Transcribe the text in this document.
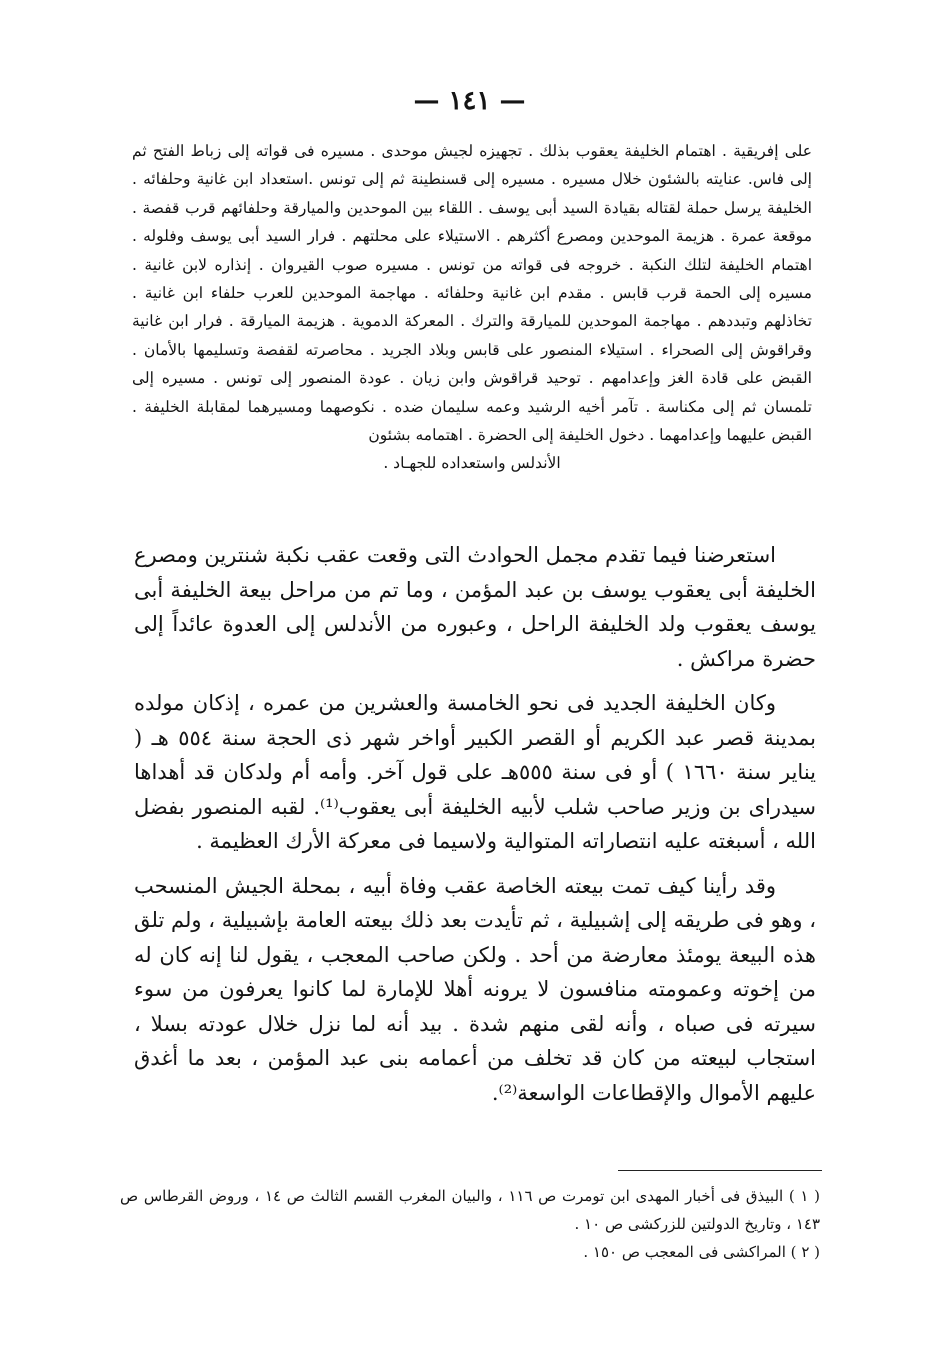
— ١٤١ —

على إفريقية . اهتمام الخليفة يعقوب بذلك . تجهيزه لجيش موحدى . مسيره فى قواته إلى زباط الفتح ثم إلى فاس. عنايته بالشئون خلال مسيره . مسيره إلى قسنطينة ثم إلى تونس .استعداد ابن غانية وحلفائه . الخليفة يرسل حملة لقتاله بقيادة السيد أبى يوسف . اللقاء بين الموحدين والميارقة وحلفائهم قرب قفصة . موقعة عمرة . هزيمة الموحدين ومصرع أكثرهم . الاستيلاء على محلتهم . فرار السيد أبى يوسف وفلوله . اهتمام الخليفة لتلك النكبة . خروجه فى قواته من تونس . مسيره صوب القيروان . إنذاره لابن غانية . مسيره إلى الحمة قرب قابس . مقدم ابن غانية وحلفائه . مهاجمة الموحدين للعرب حلفاء ابن غانية . تخاذلهم وتبددهم . مهاجمة الموحدين للميارقة والترك . المعركة الدموية . هزيمة الميارقة . فرار ابن غانية وقراقوش إلى الصحراء . استيلاء المنصور على قابس وبلاد الجريد . محاصرته لقفصة وتسليمها بالأمان . القبض على قادة الغز وإعدامهم . توحيد قراقوش وابن زيان . عودة المنصور إلى تونس . مسيره إلى تلمسان ثم إلى مكناسة . تآمر أخيه الرشيد وعمه سليمان ضده . نكوصهما ومسيرهما لمقابلة الخليفة . القبض عليهما وإعدامهما . دخول الخليفة إلى الحضرة . اهتمامه بشئون

الأندلس واستعداده للجهـاد .

استعرضنا فيما تقدم مجمل الحوادث التى وقعت عقب نكبة شنترين ومصرع الخليفة أبى يعقوب يوسف بن عبد المؤمن ، وما تم من مراحل بيعة الخليفة أبى يوسف يعقوب ولد الخليفة الراحل ، وعبوره من الأندلس إلى العدوة عائداً إلى حضرة مراكش .

وكان الخليفة الجديد فى نحو الخامسة والعشرين من عمره ، إذكان مولده بمدينة قصر عبد الكريم أو القصر الكبير أواخر شهر ذى الحجة سنة ٥٥٤ هـ ( يناير سنة ١٦٦٠ ) أو فى سنة ٥٥٥هـ على قول آخر. وأمه أم ولدكان قد أهداها سيدراى بن وزير صاحب شلب لأبيه الخليفة أبى يعقوب⁽¹⁾. لقبه المنصور بفضل الله ، أسبغته عليه انتصاراته المتوالية ولاسيما فى معركة الأرك العظيمة .

وقد رأينا كيف تمت بيعته الخاصة عقب وفاة أبيه ، بمحلة الجيش المنسحب ، وهو فى طريقه إلى إشبيلية ، ثم تأيدت بعد ذلك بيعته العامة بإشبيلية ، ولم تلق هذه البيعة يومئذ معارضة من أحد . ولكن صاحب المعجب ، يقول لنا إنه كان له من إخوته وعمومته منافسون لا يرونه أهلا للإمارة لما كانوا يعرفون من سوء سيرته فى صباه ، وأنه لقى منهم شدة . بيد أنه لما نزل خلال عودته بسلا ، استجاب لبيعته من كان قد تخلف من أعمامه بنى عبد المؤمن ، بعد ما أغدق عليهم الأموال والإقطاعات الواسعة⁽²⁾.

( ١ ) البيذق فى أخبار المهدى ابن تومرت ص ١١٦ ، والبيان المغرب القسم الثالث ص ١٤ ، وروض القرطاس ص ١٤٣ ، وتاريخ الدولتين للزركشى ص ١٠ .

( ٢ ) المراكشى فى المعجب ص ١٥٠ .
